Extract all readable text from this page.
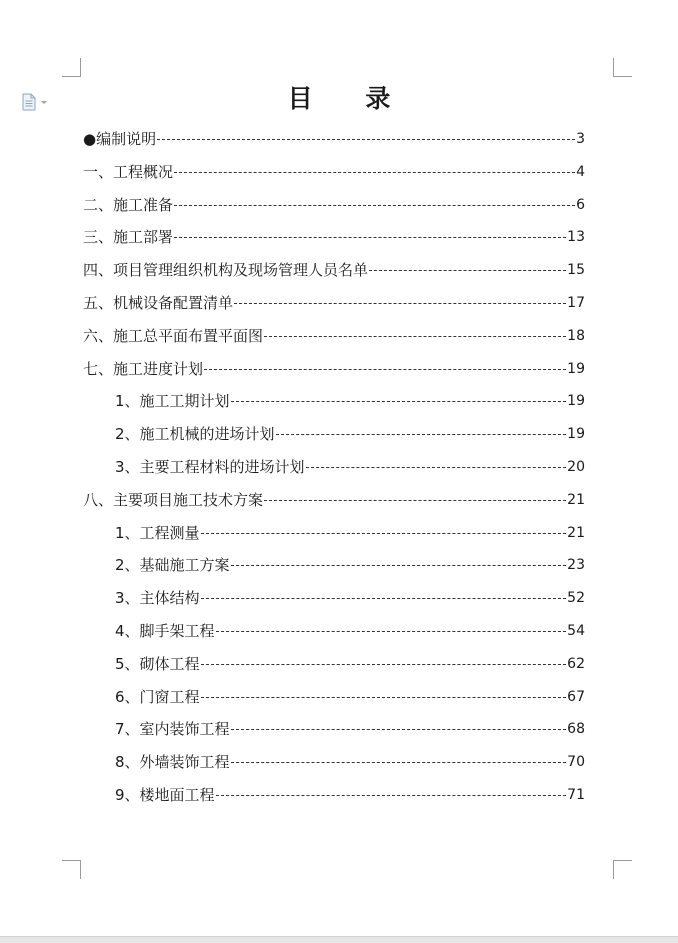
目 录
●编制说明	3
一、工程概况	4
二、施工准备	6
三、施工部署	13
四、项目管理组织机构及现场管理人员名单	15
五、机械设备配置清单	17
六、施工总平面布置平面图	18
七、施工进度计划	19
1、施工工期计划	19
2、施工机械的进场计划	19
3、主要工程材料的进场计划	20
八、主要项目施工技术方案	21
1、工程测量	21
2、基础施工方案	23
3、主体结构	52
4、脚手架工程	54
5、砌体工程	62
6、门窗工程	67
7、室内装饰工程	68
8、外墙装饰工程	70
9、楼地面工程	71
